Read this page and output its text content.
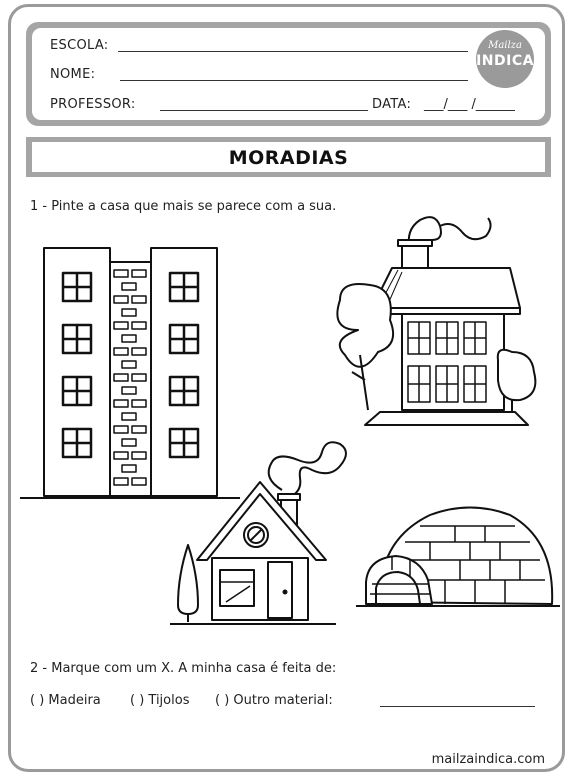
ESCOLA:
NOME:
PROFESSOR:	DATA: ___/___ /______
Mailza
INDICA
MORADIAS
1 - Pinte a casa que mais se parece com a sua.
2 - Marque com um X. A minha casa é feita de:
( ) Madeira ( ) Tijolos ( ) Outro material:
mailzaindica.com
